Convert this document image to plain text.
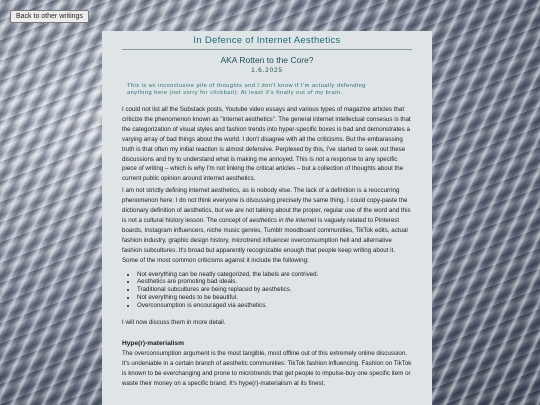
Back to other writings
In Defence of Internet Aesthetics
AKA Rotten to the Core?
1.6.2025
This is an inconclusive pile of thoughts and I don't know if I'm actually defending
anything here (not sorry for clickbait). At least it's finally out of my brain.

I could not list all the Substack posts, Youtube video essays and various types of magazine articles that criticize the phenomenon known as "internet aesthetics". The general internet intellectual consesus is that the categorization of visual styles and fashion trends into hyper-specific boxes is bad and demonstrates a varying array of bad things about the world. I don't disagree with all the criticisms. But the embarassing truth is that often my initial reaction is almost defensive. Perplexed by this, I've started to seek out these discussions and try to understand what is making me annoyed. This is not a response to any specific piece of writing – which is why I'm not linking the critical articles – but a collection of thoughts about the current public opinion around internet aesthetics.

I am not strictly defining internet aesthetics, as is nobody else. The lack of a definition is a reoccurring phenomenon here: I do not think everyone is discussing precisely the same thing. I could copy-paste the dictionary definition of aesthetics, but we are not talking about the proper, regular use of the word and this is not a cultural history lesson. The concept of aesthetics in the internet is vaguely related to Pinterest boards, Instagram influencers, niche music genres, Tumblr moodboard communities, TikTok edits, actual fashion industry, graphic design history, microtrend influencer overconsumption hell and alternative fashion subcultures. It's broad but apparently recognizable enough that people keep writing about it. Some of the most common criticisms against it include the following:

• Not everything can be neatly categorized, the labels are contrived.
• Aesthetics are promoting bad ideals.
• Traditional subcultures are being replaced by aesthetics.
• Not everything needs to be beautiful.
• Overconsumption is encouraged via aesthetics.

I will now discuss them in more detail.

Hype(r)-materialism

The overconsumption argument is the most tangible, most offline out of this extremely online discussion. It's undeniable in a certain branch of aesthetic communities: TikTok fashion influencing. Fashion on TikTok is known to be everchanging and prone to microtrends that get people to impulse-buy one specific item or waste their money on a specific brand. It's hype(r)-materialism at its finest.
